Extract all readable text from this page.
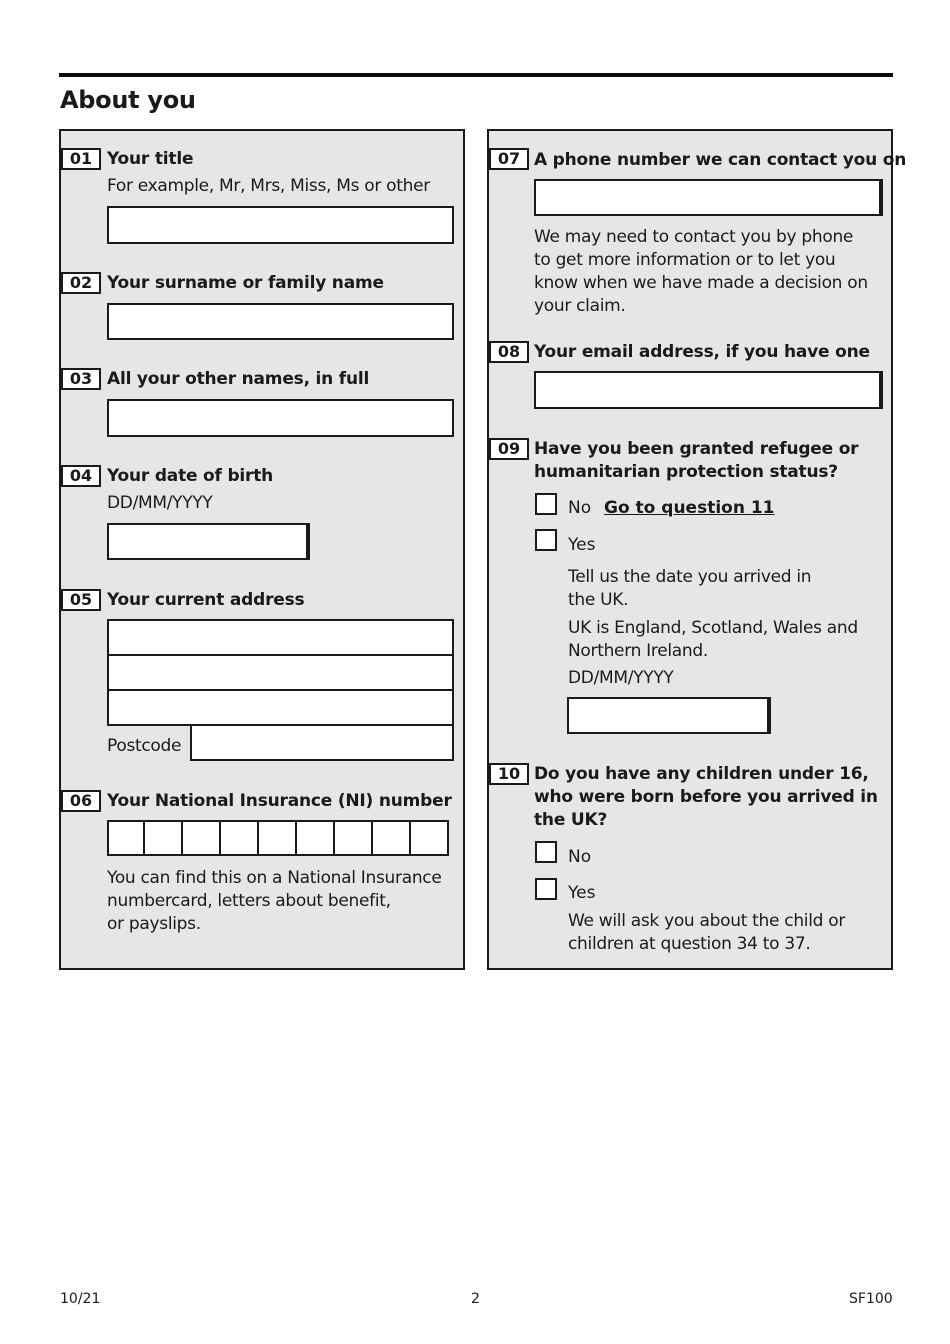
About you
01 Your title
For example, Mr, Mrs, Miss, Ms or other
02 Your surname or family name
03 All your other names, in full
04 Your date of birth
DD/MM/YYYY
05 Your current address
Postcode
06 Your National Insurance (NI) number
You can find this on a National Insurance
numbercard, letters about benefit,
or payslips.
07 A phone number we can contact you on
We may need to contact you by phone
to get more information or to let you
know when we have made a decision on
your claim.
08 Your email address, if you have one
09 Have you been granted refugee or
humanitarian protection status?
No Go to question 11
Yes
Tell us the date you arrived in
the UK.
UK is England, Scotland, Wales and
Northern Ireland.
DD/MM/YYYY
10 Do you have any children under 16,
who were born before you arrived in
the UK?
No
Yes
We will ask you about the child or
children at question 34 to 37.
10/21	2	SF100
